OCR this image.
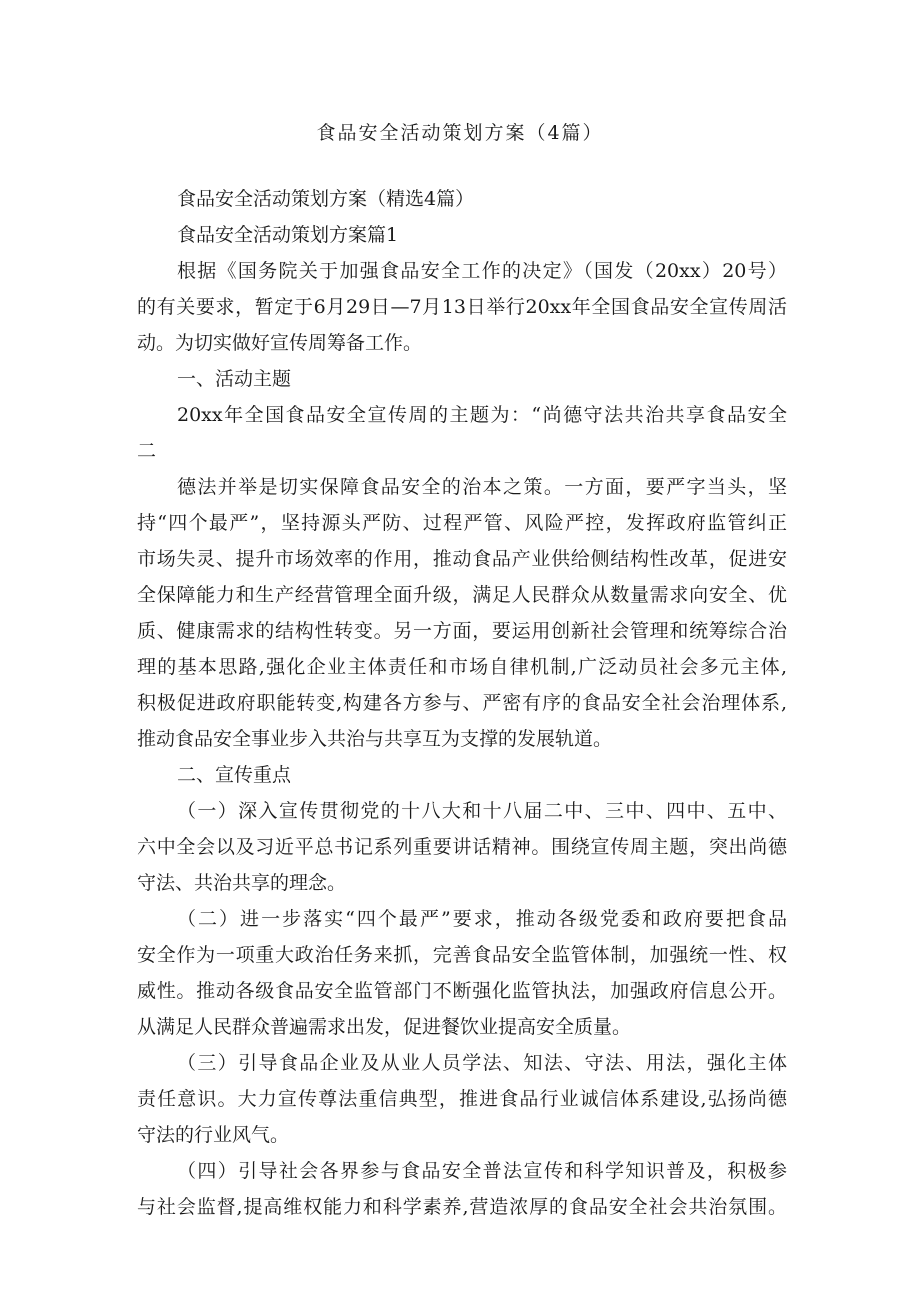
食品安全活动策划方案（4篇）
食品安全活动策划方案（精选4篇）
食品安全活动策划方案篇1
根据《国务院关于加强食品安全工作的决定》（国发（20xx）20号）
的有关要求，暂定于6月29日—7月13日举行20xx年全国食品安全宣传周活
动。为切实做好宣传周筹备工作。
一、活动主题
20xx年全国食品安全宣传周的主题为：“尚德守法共治共享食品安全
二
德法并举是切实保障食品安全的治本之策。一方面，要严字当头，坚
持“四个最严”，坚持源头严防、过程严管、风险严控，发挥政府监管纠正
市场失灵、提升市场效率的作用，推动食品产业供给侧结构性改革，促进安
全保障能力和生产经营管理全面升级，满足人民群众从数量需求向安全、优
质、健康需求的结构性转变。另一方面，要运用创新社会管理和统筹综合治
理的基本思路,强化企业主体责任和市场自律机制,广泛动员社会多元主体,
积极促进政府职能转变,构建各方参与、严密有序的食品安全社会治理体系,
推动食品安全事业步入共治与共享互为支撑的发展轨道。
二、宣传重点
（一）深入宣传贯彻党的十八大和十八届二中、三中、四中、五中、
六中全会以及习近平总书记系列重要讲话精神。围绕宣传周主题，突出尚德
守法、共治共享的理念。
（二）进一步落实“四个最严”要求，推动各级党委和政府要把食品
安全作为一项重大政治任务来抓，完善食品安全监管体制，加强统一性、权
威性。推动各级食品安全监管部门不断强化监管执法，加强政府信息公开。
从满足人民群众普遍需求出发，促进餐饮业提高安全质量。
（三）引导食品企业及从业人员学法、知法、守法、用法，强化主体
责任意识。大力宣传尊法重信典型，推进食品行业诚信体系建设,弘扬尚德
守法的行业风气。
（四）引导社会各界参与食品安全普法宣传和科学知识普及，积极参
与社会监督,提高维权能力和科学素养,营造浓厚的食品安全社会共治氛围。
